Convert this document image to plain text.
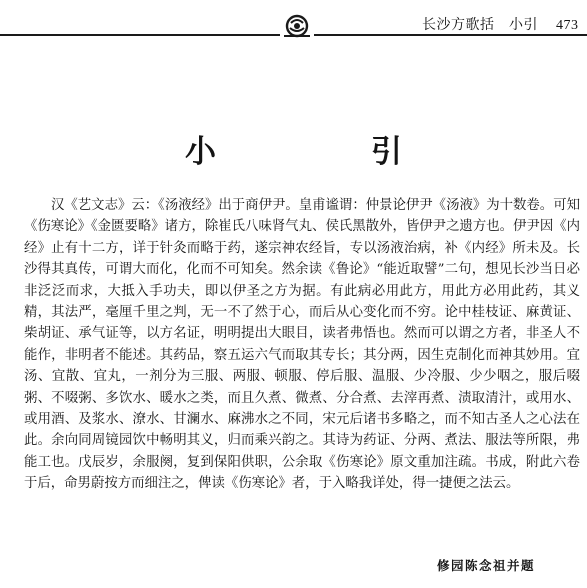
长沙方歌括　小引 473
小　引

汉《艺文志》云：《汤液经》出于商伊尹。皇甫谧谓：仲景论伊尹《汤液》为十数卷。可知《伤寒论》《金匮要略》诸方，除崔氏八味肾气丸、侯氏黑散外，皆伊尹之遗方也。伊尹因《内经》止有十二方，详于针灸而略于药，遂宗神农经旨，专以汤液治病，补《内经》所未及。长沙得其真传，可谓大而化，化而不可知矣。然余读《鲁论》“能近取譬”二句，想见长沙当日必非泛泛而求，大抵入手功夫，即以伊圣之方为据。有此病必用此方，用此方必用此药，其义精，其法严，毫厘千里之判，无一不了然于心，而后从心变化而不穷。论中桂枝证、麻黄证、柴胡证、承气证等，以方名证，明明提出大眼目，读者弗悟也。然而可以谓之方者，非圣人不能作，非明者不能述。其药品，察五运六气而取其专长；其分两，因生克制化而神其妙用。宜汤、宜散、宜丸，一剂分为三服、两服、顿服、停后服、温服、少冷服、少少咽之，服后啜粥、不啜粥、多饮水、暖水之类，而且久煮、微煮、分合煮、去滓再煮、渍取清汁，或用水、或用酒、及浆水、潦水、甘澜水、麻沸水之不同，宋元后诸书多略之，而不知古圣人之心法在此。余向同周镜园饮中畅明其义，归而乘兴韵之。其诗为药证、分两、煮法、服法等所限，弗能工也。戊辰岁，余服阕，复到保阳供职，公余取《伤寒论》原文重加注疏。书成，附此六卷于后，命男蔚按方而细注之，俾读《伤寒论》者，于入略我详处，得一捷便之法云。

修园陈念祖并题
